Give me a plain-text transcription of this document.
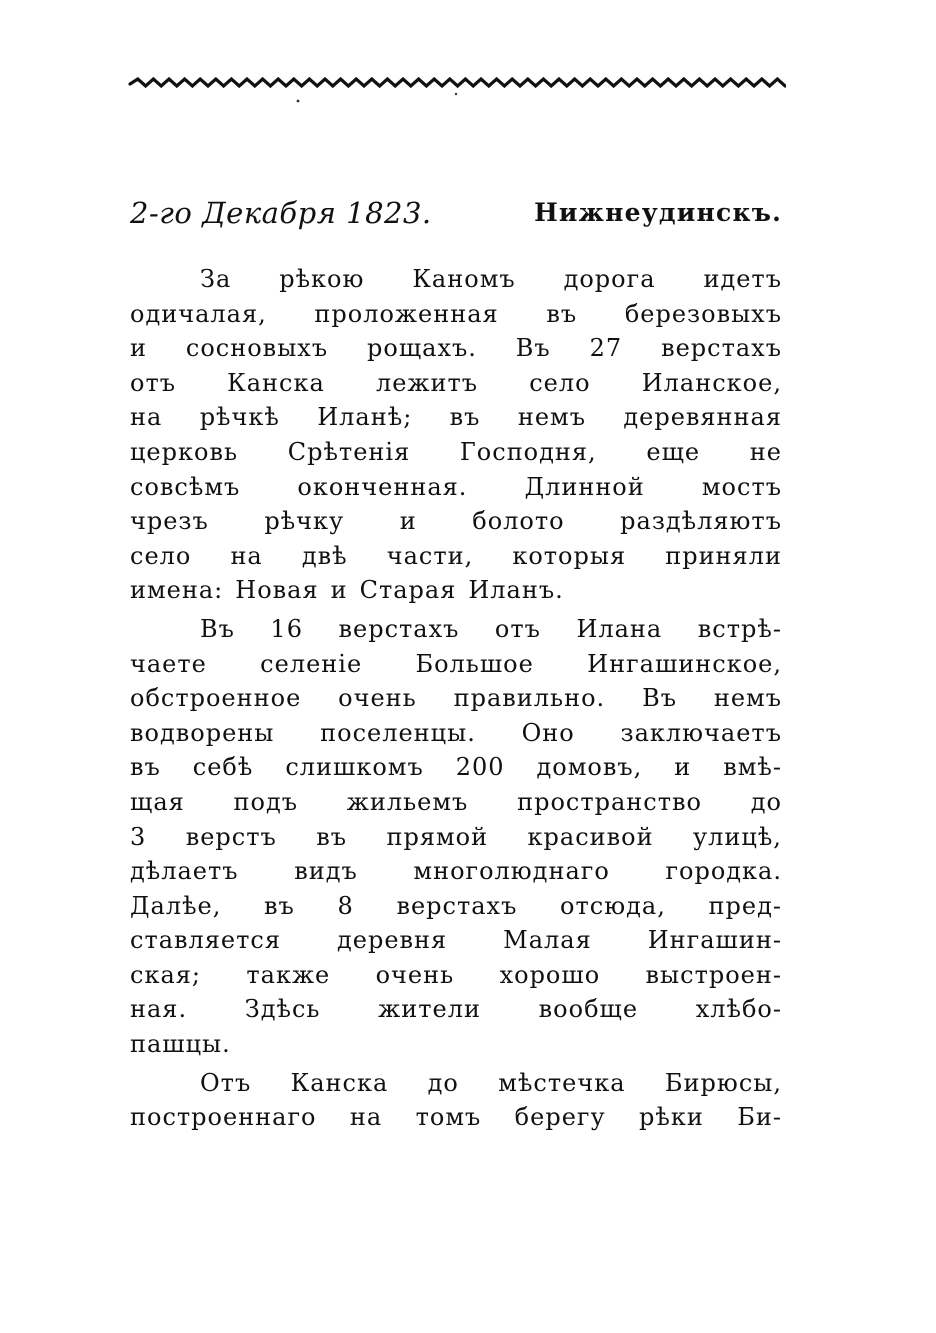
2-го Декабря 1823.	Нижнеудинскъ.
За рѣкою Каномъ дорога идетъ
одичалая, проложенная въ березовыхъ
и сосновыхъ рощахъ. Въ 27 верстахъ
отъ Канска лежитъ село Иланское,
на рѣчкѣ Иланѣ; въ немъ деревянная
церковь Срѣтенія Господня, еще не
совсѣмъ оконченная. Длинной мостъ
чрезъ рѣчку и болото раздѣляютъ
село на двѣ части, которыя приняли
имена: Новая и Старая Иланъ.
Въ 16 верстахъ отъ Илана встрѣ-
чаете селеніе Большое Ингашинское,
обстроенное очень правильно. Въ немъ
водворены поселенцы. Оно заключаетъ
въ себѣ слишкомъ 200 домовъ, и вмѣ-
щая подъ жильемъ пространство до
3 верстъ въ прямой красивой улицѣ,
дѣлаетъ видъ многолюднаго городка.
Далѣе, въ 8 верстахъ отсюда, пред-
ставляется деревня Малая Ингашин-
ская; также очень хорошо выстроен-
ная. Здѣсь жители вообще хлѣбо-
пашцы.
Отъ Канска до мѣстечка Бирюсы,
построеннаго на томъ берегу рѣки Би-
